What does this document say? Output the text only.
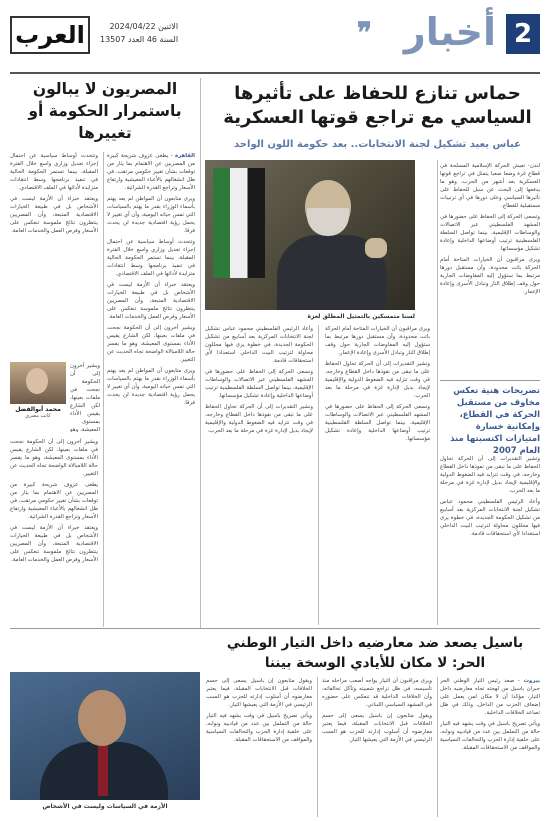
2
أخبار
❞
الاثنين 2024/04/22
السنة 46 العدد 13507
العرب
حماس تنازع للحفاظ على تأثيرها السياسي مع تراجع قوتها العسكرية
عباس يعيد تشكيل لجنة الانتخابات.. بعد حكومة اللون الواحد

لندن- تعيش الحركة الإسلامية المسلحة في قطاع غزة وضعا صعبا يتمثل في تراجع قوتها العسكرية بعد أشهر من الحرب، وهو ما يدفعها إلى البحث عن سبل للحفاظ على تأثيرها السياسي وعلى دورها في أي ترتيبات مستقبلية للقطاع.

وتسعى الحركة إلى الحفاظ على حضورها في المشهد الفلسطيني عبر الاتصالات والوساطات الإقليمية، بينما تواصل السلطة الفلسطينية ترتيب أوضاعها الداخلية وإعادة تشكيل مؤسساتها.

ويرى مراقبون أن الخيارات المتاحة أمام الحركة باتت محدودة، وأن مستقبل دورها مرتبط بما ستؤول إليه المفاوضات الجارية حول وقف إطلاق النار وتبادل الأسرى وإعادة الإعمار.

تصريحات هنية تعكس مخاوف من مستقبل الحركة في القطاع، وإمكانية خسارة امتيازات اكتسبتها منذ العام 2007

وتشير التقديرات إلى أن الحركة تحاول الحفاظ على ما تبقى من نفوذها داخل القطاع وخارجه، في وقت تتزايد فيه الضغوط الدولية والإقليمية لإيجاد بديل لإدارة غزة في مرحلة ما بعد الحرب.

وأعاد الرئيس الفلسطيني محمود عباس تشكيل لجنة الانتخابات المركزية بعد أسابيع من تشكيل الحكومة الجديدة، في خطوة يرى فيها محللون محاولة لترتيب البيت الداخلي استعدادا لأي استحقاقات قادمة.

لسنا متمسكين بالتمثيل المطلق لغزة

ويرى مراقبون أن الخيارات المتاحة أمام الحركة باتت محدودة، وأن مستقبل دورها مرتبط بما ستؤول إليه المفاوضات الجارية حول وقف إطلاق النار وتبادل الأسرى وإعادة الإعمار.

وتشير التقديرات إلى أن الحركة تحاول الحفاظ على ما تبقى من نفوذها داخل القطاع وخارجه، في وقت تتزايد فيه الضغوط الدولية والإقليمية لإيجاد بديل لإدارة غزة في مرحلة ما بعد الحرب.

وتسعى الحركة إلى الحفاظ على حضورها في المشهد الفلسطيني عبر الاتصالات والوساطات الإقليمية، بينما تواصل السلطة الفلسطينية ترتيب أوضاعها الداخلية وإعادة تشكيل مؤسساتها.

وأعاد الرئيس الفلسطيني محمود عباس تشكيل لجنة الانتخابات المركزية بعد أسابيع من تشكيل الحكومة الجديدة، في خطوة يرى فيها محللون محاولة لترتيب البيت الداخلي استعدادا لأي استحقاقات قادمة.

وتسعى الحركة إلى الحفاظ على حضورها في المشهد الفلسطيني عبر الاتصالات والوساطات الإقليمية، بينما تواصل السلطة الفلسطينية ترتيب أوضاعها الداخلية وإعادة تشكيل مؤسساتها.

وتشير التقديرات إلى أن الحركة تحاول الحفاظ على ما تبقى من نفوذها داخل القطاع وخارجه، في وقت تتزايد فيه الضغوط الدولية والإقليمية لإيجاد بديل لإدارة غزة في مرحلة ما بعد الحرب.

المصريون لا يبالون باستمرار الحكومة أو تغييرها

القاهرة - يطغى عزوف شريحة كبيرة من المصريين عن الاهتمام بما يثار من توقعات بشأن تغيير حكومي مرتقب، في ظل انشغالهم بالأعباء المعيشية وارتفاع الأسعار وتراجع القدرة الشرائية.

ويرى متابعون أن المواطن لم يعد يهتم بأسماء الوزراء بقدر ما يهتم بالسياسات التي تمس حياته اليومية، وأن أي تغيير لا يحمل رؤية اقتصادية جديدة لن يحدث فرقا.

وتتحدث أوساط سياسية عن احتمال إجراء تعديل وزاري واسع خلال الفترة المقبلة، بينما تستمر الحكومة الحالية في تنفيذ برنامجها وسط انتقادات متزايدة لأدائها في الملف الاقتصادي.

ويعتقد خبراء أن الأزمة ليست في الأشخاص بل في طبيعة الخيارات الاقتصادية المتبعة، وأن المصريين ينتظرون نتائج ملموسة تنعكس على الأسعار وفرص العمل والخدمات العامة.

ويشير آخرون إلى أن الحكومة نجحت في ملفات بعينها، لكن الشارع يقيس الأداء بمستوى المعيشة، وهو ما يفسر حالة اللامبالاة الواضحة تجاه الحديث عن التغيير.

ويرى متابعون أن المواطن لم يعد يهتم بأسماء الوزراء بقدر ما يهتم بالسياسات التي تمس حياته اليومية، وأن أي تغيير لا يحمل رؤية اقتصادية جديدة لن يحدث فرقا.

وتتحدث أوساط سياسية عن احتمال إجراء تعديل وزاري واسع خلال الفترة المقبلة، بينما تستمر الحكومة الحالية في تنفيذ برنامجها وسط انتقادات متزايدة لأدائها في الملف الاقتصادي.

ويعتقد خبراء أن الأزمة ليست في الأشخاص بل في طبيعة الخيارات الاقتصادية المتبعة، وأن المصريين ينتظرون نتائج ملموسة تنعكس على الأسعار وفرص العمل والخدمات العامة.

محمد أبوالفضل
كاتب مصري

ويشير آخرون إلى أن الحكومة نجحت في ملفات بعينها، لكن الشارع يقيس الأداء بمستوى المعيشة، وهو

ويشير آخرون إلى أن الحكومة نجحت في ملفات بعينها، لكن الشارع يقيس الأداء بمستوى المعيشة، وهو ما يفسر حالة اللامبالاة الواضحة تجاه الحديث عن التغيير.

يطغى عزوف شريحة كبيرة من المصريين عن الاهتمام بما يثار من توقعات بشأن تغيير حكومي مرتقب، في ظل انشغالهم بالأعباء المعيشية وارتفاع الأسعار وتراجع القدرة الشرائية.

ويعتقد خبراء أن الأزمة ليست في الأشخاص بل في طبيعة الخيارات الاقتصادية المتبعة، وأن المصريين ينتظرون نتائج ملموسة تنعكس على الأسعار وفرص العمل والخدمات العامة.

باسيل يصعد ضد معارضيه داخل التيار الوطني الحر: لا مكان للأيادي الوسخة بيننا

بيروت - صعد رئيس التيار الوطني الحر جبران باسيل من لهجته تجاه معارضيه داخل التيار، مؤكدا أن لا مكان لمن يعمل على إضعاف الحزب من الداخل، وذلك في ظل تصاعد الخلافات الداخلية.

ويأتي تصريح باسيل في وقت يشهد فيه التيار حالة من التململ بين عدد من قيادييه ونوابه، على خلفية إدارة الحزب والتحالفات السياسية والمواقف من الاستحقاقات المقبلة.

ويرى مراقبون أن التيار يواجه أصعب مراحله منذ تأسيسه، في ظل تراجع شعبيته وتآكل تحالفاته، وأن الخلافات الداخلية قد تنعكس على حضوره في المشهد السياسي اللبناني.

ويقول متابعون إن باسيل يسعى إلى حسم الخلافات قبل الانتخابات المقبلة، فيما يعتبر معارضوه أن أسلوب إدارته للحزب هو السبب الرئيسي في الأزمة التي يعيشها التيار.

ويقول متابعون إن باسيل يسعى إلى حسم الخلافات قبل الانتخابات المقبلة، فيما يعتبر معارضوه أن أسلوب إدارته للحزب هو السبب الرئيسي في الأزمة التي يعيشها التيار.

ويأتي تصريح باسيل في وقت يشهد فيه التيار حالة من التململ بين عدد من قيادييه ونوابه، على خلفية إدارة الحزب والتحالفات السياسية والمواقف من الاستحقاقات المقبلة.

الأزمة في السياسات وليست في الأشخاص
